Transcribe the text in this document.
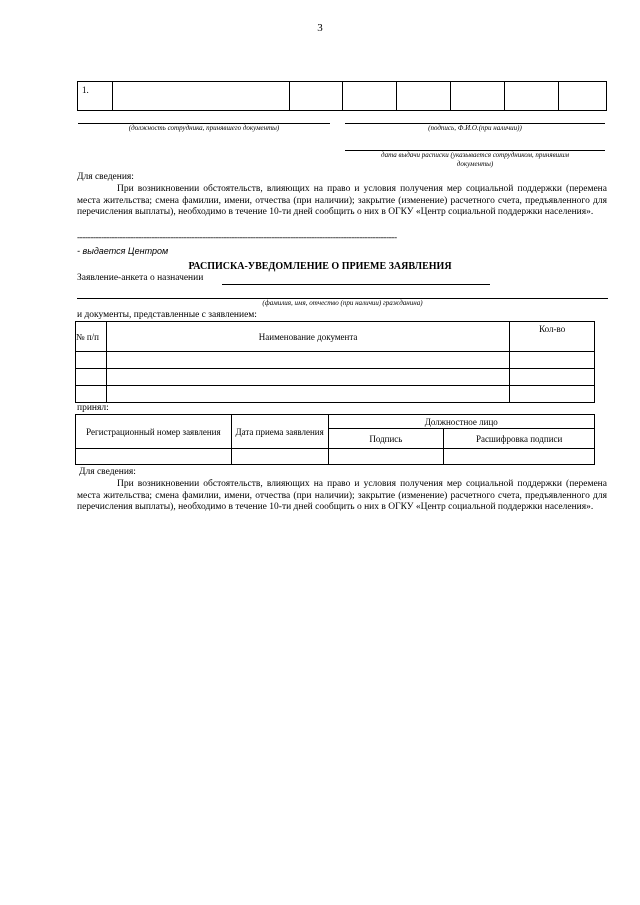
3
1.							
(должность сотрудника, принявшего документы)	(подпись, Ф.И.О.(при наличии))
дата выдачи расписки (указывается сотрудником, принявшим
документы)
Для сведения:
При возникновении обстоятельств, влияющих на право и условия получения мер социальной поддержки (перемена места жительства; смена фамилии, имени, отчества (при наличии); закрытие (изменение) расчетного счета, предъявленного для перечисления выплаты), необходимо в течение 10-ти дней сообщить о них в ОГКУ «Центр социальной поддержки населения».
------------------------------------------------------------------------------------------------------------------------
- выдается Центром
РАСПИСКА-УВЕДОМЛЕНИЕ О ПРИЕМЕ ЗАЯВЛЕНИЯ
Заявление-анкета о назначении
(фамилия, имя, отчество (при наличии) гражданина)
и документы, представленные с заявлением:
№ п/п	Наименование документа	Кол-во

принял:
Регистрационный номер заявления	Дата приема заявления	Должностное лицо	
		Подпись	Расшифровка подписи

Для сведения:
При возникновении обстоятельств, влияющих на право и условия получения мер социальной поддержки (перемена места жительства; смена фамилии, имени, отчества (при наличии); закрытие (изменение) расчетного счета, предъявленного для перечисления выплаты), необходимо в течение 10-ти дней сообщить о них в ОГКУ «Центр социальной поддержки населения».
